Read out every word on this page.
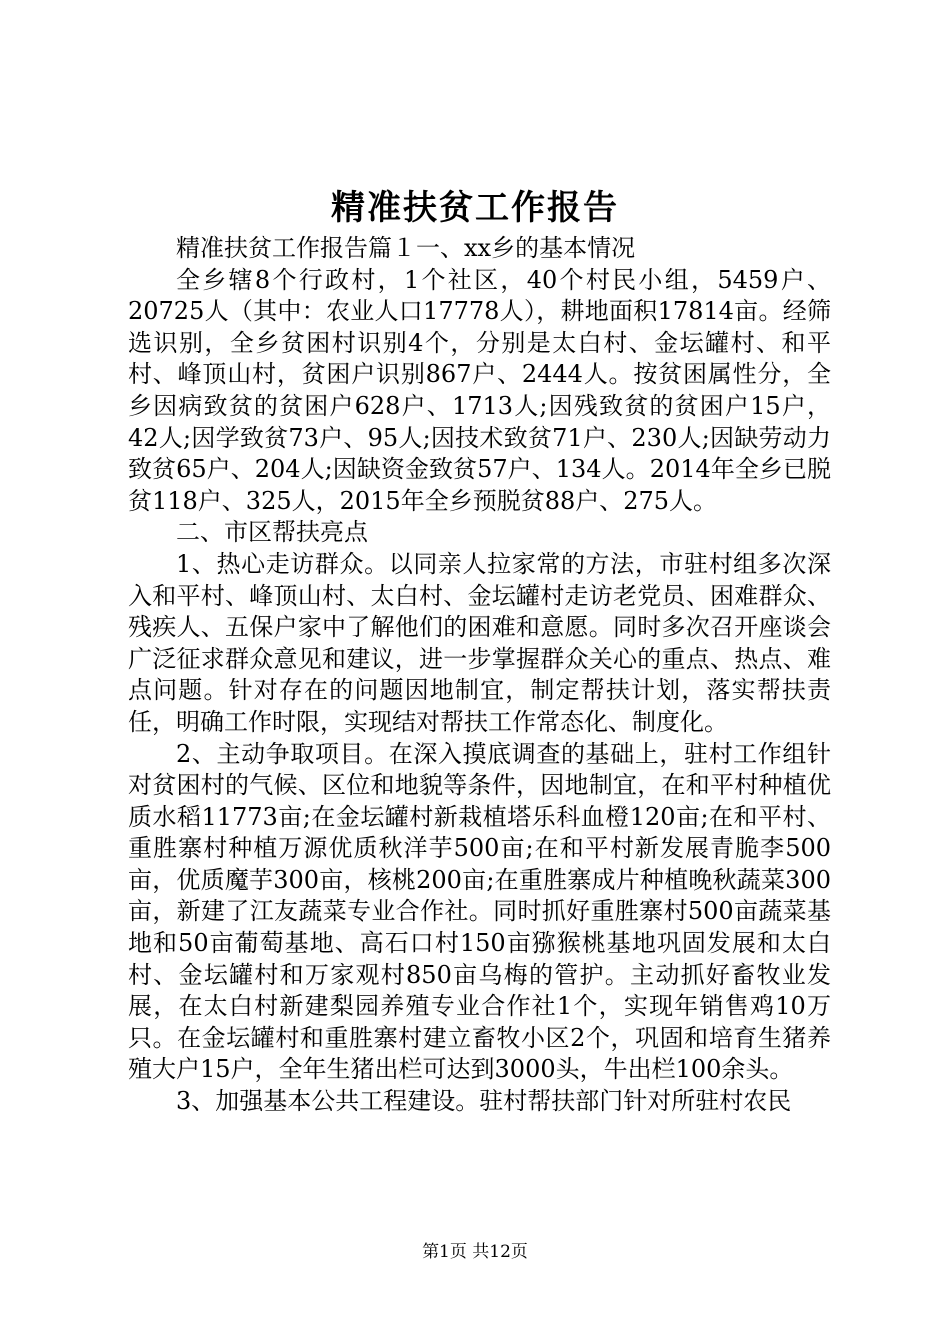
精准扶贫工作报告

精准扶贫工作报告篇１一、xx乡的基本情况

全乡辖8个行政村，1个社区，40个村民小组，5459户、20725人（其中：农业人口17778人），耕地面积17814亩。经筛选识别，全乡贫困村识别4个，分别是太白村、金坛罐村、和平村、峰顶山村，贫困户识别867户、2444人。按贫困属性分，全乡因病致贫的贫困户628户、1713人;因残致贫的贫困户15户，42人;因学致贫73户、95人;因技术致贫71户、230人;因缺劳动力致贫65户、204人;因缺资金致贫57户、134人。2014年全乡已脱贫118户、325人，2015年全乡预脱贫88户、275人。

二、市区帮扶亮点

1、热心走访群众。以同亲人拉家常的方法，市驻村组多次深入和平村、峰顶山村、太白村、金坛罐村走访老党员、困难群众、残疾人、五保户家中了解他们的困难和意愿。同时多次召开座谈会广泛征求群众意见和建议，进一步掌握群众关心的重点、热点、难点问题。针对存在的问题因地制宜，制定帮扶计划，落实帮扶责任，明确工作时限，实现结对帮扶工作常态化、制度化。

2、主动争取项目。在深入摸底调查的基础上，驻村工作组针对贫困村的气候、区位和地貌等条件，因地制宜，在和平村种植优质水稻11773亩;在金坛罐村新栽植塔乐科血橙120亩;在和平村、重胜寨村种植万源优质秋洋芋500亩;在和平村新发展青脆李500亩，优质魔芋300亩，核桃200亩;在重胜寨成片种植晚秋蔬菜300亩，新建了江友蔬菜专业合作社。同时抓好重胜寨村500亩蔬菜基地和50亩葡萄基地、高石口村150亩猕猴桃基地巩固发展和太白村、金坛罐村和万家观村850亩乌梅的管护。主动抓好畜牧业发展，在太白村新建梨园养殖专业合作社1个，实现年销售鸡10万只。在金坛罐村和重胜寨村建立畜牧小区2个，巩固和培育生猪养殖大户15户，全年生猪出栏可达到3000头，牛出栏100余头。

3、加强基本公共工程建设。驻村帮扶部门针对所驻村农民

第1页 共12页
